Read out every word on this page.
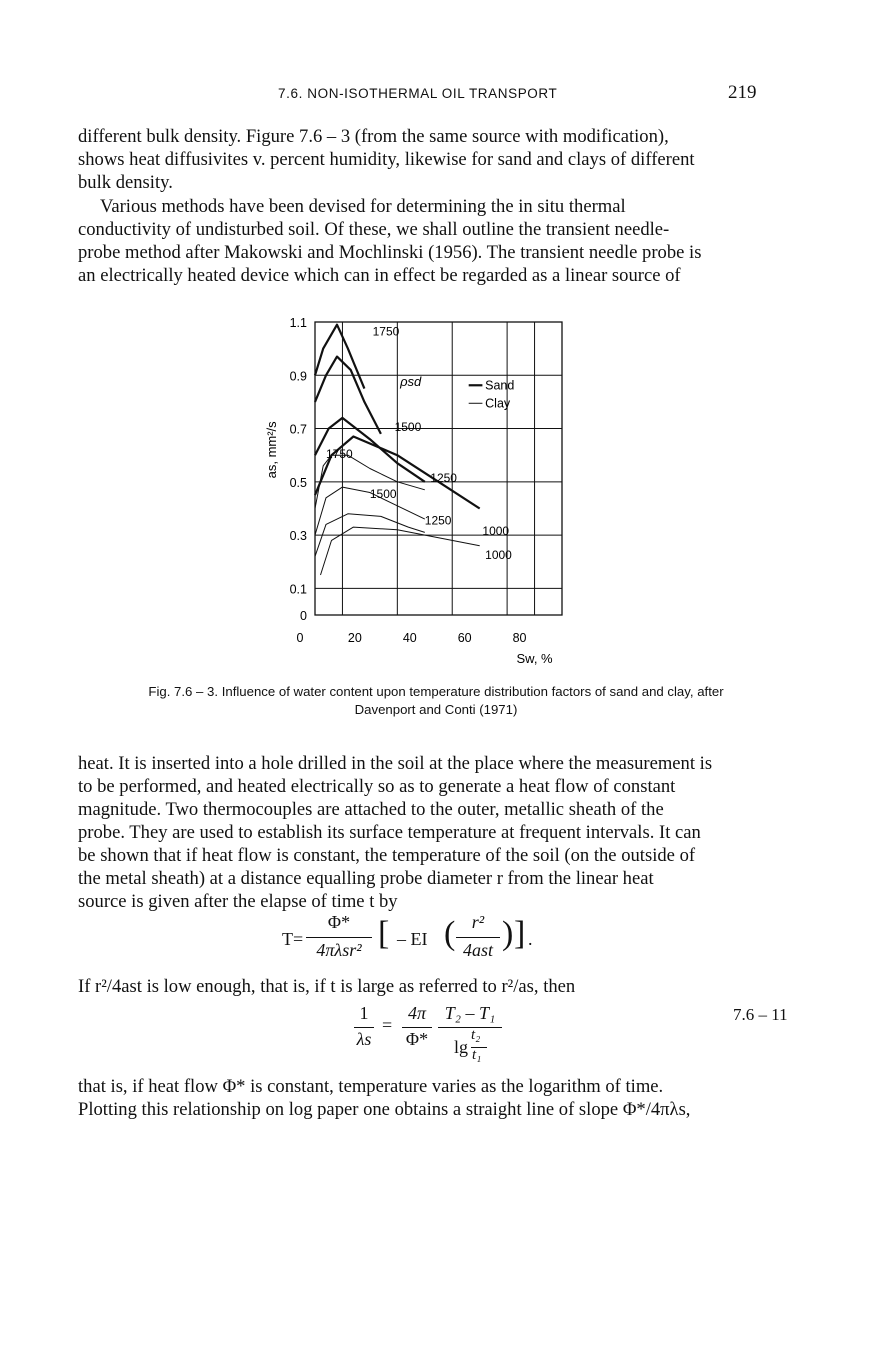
7.6. NON-ISOTHERMAL OIL TRANSPORT	219
different bulk density. Figure 7.6 – 3 (from the same source with modification),
shows heat diffusivites v. percent humidity, likewise for sand and clays of different
bulk density.
Various methods have been devised for determining the in situ thermal
conductivity of undisturbed soil. Of these, we shall outline the transient needle-
probe method after Makowski and Mochlinski (1956). The transient needle probe is
an electrically heated device which can in effect be regarded as a linear source of
0	20	40	60	80
0
0.1
0.3
0.5
0.7
0.9
1.1
1750
1500
1250
1000
1750
1500
1250
1000
ρsd	Sand
Clay
Sw, %
as, mm²/s
Fig. 7.6 – 3. Influence of water content upon temperature distribution factors of sand and clay, after
Davenport and Conti (1971)
heat. It is inserted into a hole drilled in the soil at the place where the measurement is
to be performed, and heated electrically so as to generate a heat flow of constant
magnitude. Two thermocouples are attached to the outer, metallic sheath of the
probe. They are used to establish its surface temperature at frequent intervals. It can
be shown that if heat flow is constant, the temperature of the soil (on the outside of
the metal sheath) at a distance equalling probe diameter r from the linear heat
source is given after the elapse of time t by
T=
Φ*
4πλsr² [ – EI ( r²
4ast ) ] .
If r²/4ast is low enough, that is, if t is large as referred to r²/as, then
1
λs
=
4π
Φ*
T₂ – T₁
lg
t₂
t₁
7.6 – 11
that is, if heat flow Φ* is constant, temperature varies as the logarithm of time.
Plotting this relationship on log paper one obtains a straight line of slope Φ*/4πλs,
